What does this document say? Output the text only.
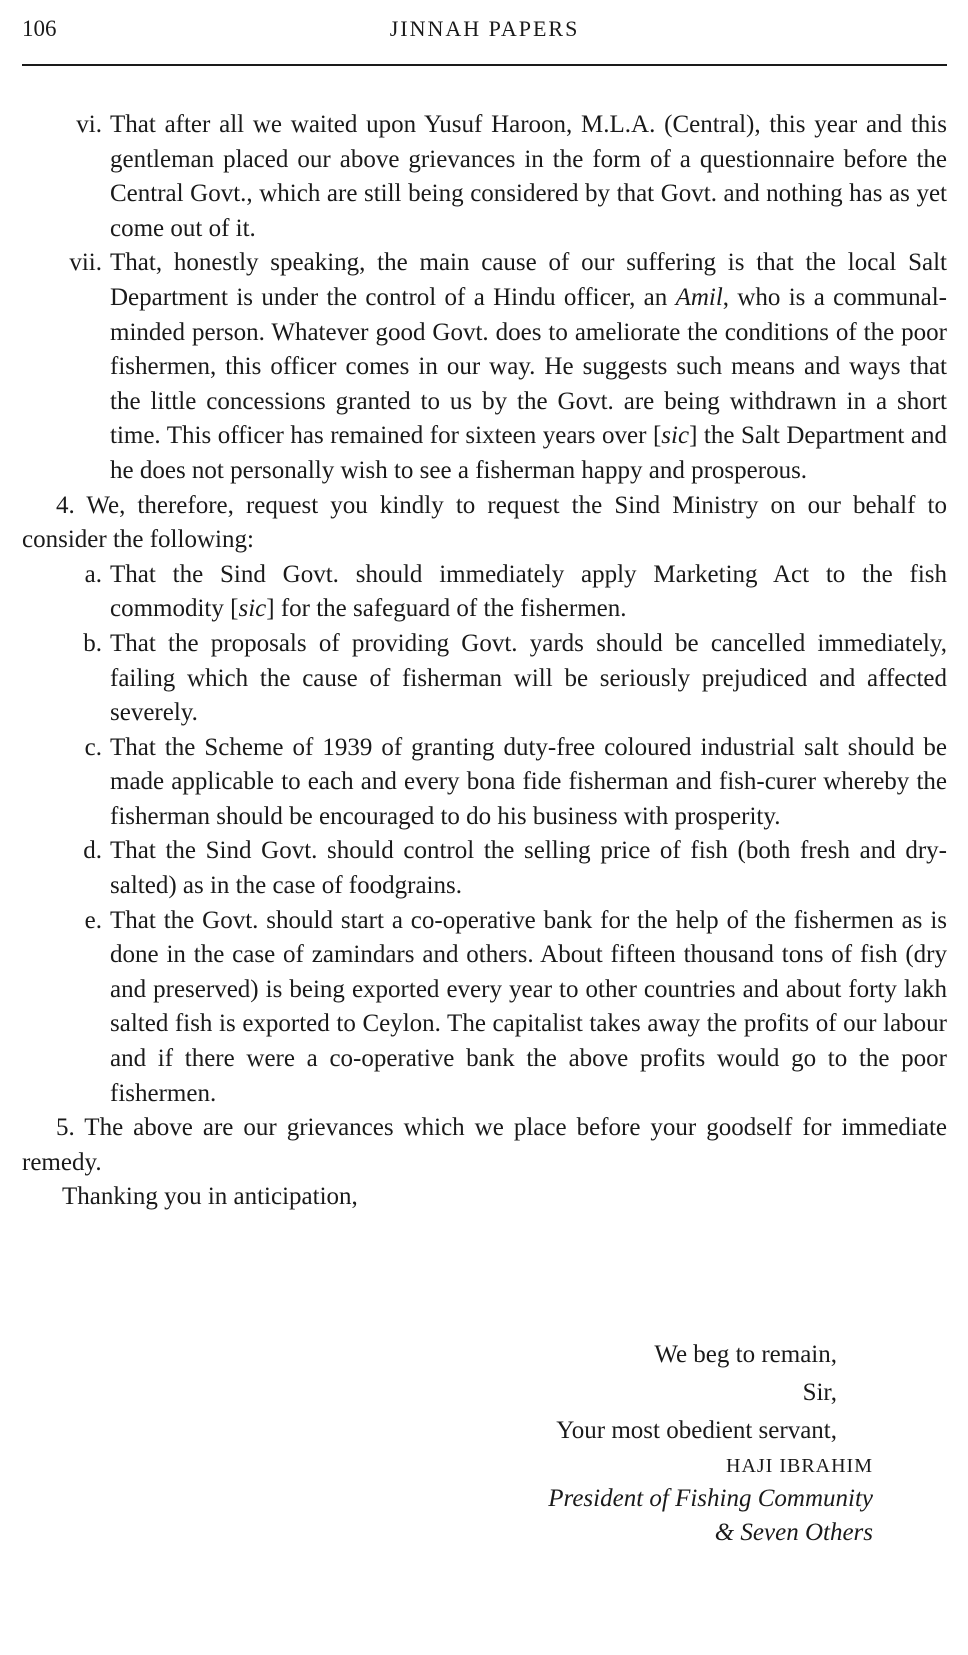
106	JINNAH PAPERS
vi. That after all we waited upon Yusuf Haroon, M.L.A. (Central), this year and this gentleman placed our above grievances in the form of a questionnaire before the Central Govt., which are still being considered by that Govt. and nothing has as yet come out of it.
vii. That, honestly speaking, the main cause of our suffering is that the local Salt Department is under the control of a Hindu officer, an Amil, who is a communal-minded person. Whatever good Govt. does to ameliorate the conditions of the poor fishermen, this officer comes in our way. He suggests such means and ways that the little concessions granted to us by the Govt. are being withdrawn in a short time. This officer has remained for sixteen years over [sic] the Salt Department and he does not personally wish to see a fisherman happy and prosperous.
4. We, therefore, request you kindly to request the Sind Ministry on our behalf to consider the following:
a. That the Sind Govt. should immediately apply Marketing Act to the fish commodity [sic] for the safeguard of the fishermen.
b. That the proposals of providing Govt. yards should be cancelled immediately, failing which the cause of fisherman will be seriously prejudiced and affected severely.
c. That the Scheme of 1939 of granting duty-free coloured industrial salt should be made applicable to each and every bona fide fisherman and fish-curer whereby the fisherman should be encouraged to do his business with prosperity.
d. That the Sind Govt. should control the selling price of fish (both fresh and dry-salted) as in the case of foodgrains.
e. That the Govt. should start a co-operative bank for the help of the fishermen as is done in the case of zamindars and others. About fifteen thousand tons of fish (dry and preserved) is being exported every year to other countries and about forty lakh salted fish is exported to Ceylon. The capitalist takes away the profits of our labour and if there were a co-operative bank the above profits would go to the poor fishermen.
5. The above are our grievances which we place before your goodself for immediate remedy.
Thanking you in anticipation,
We beg to remain,
Sir,
Your most obedient servant,
HAJI IBRAHIM
President of Fishing Community
& Seven Others
